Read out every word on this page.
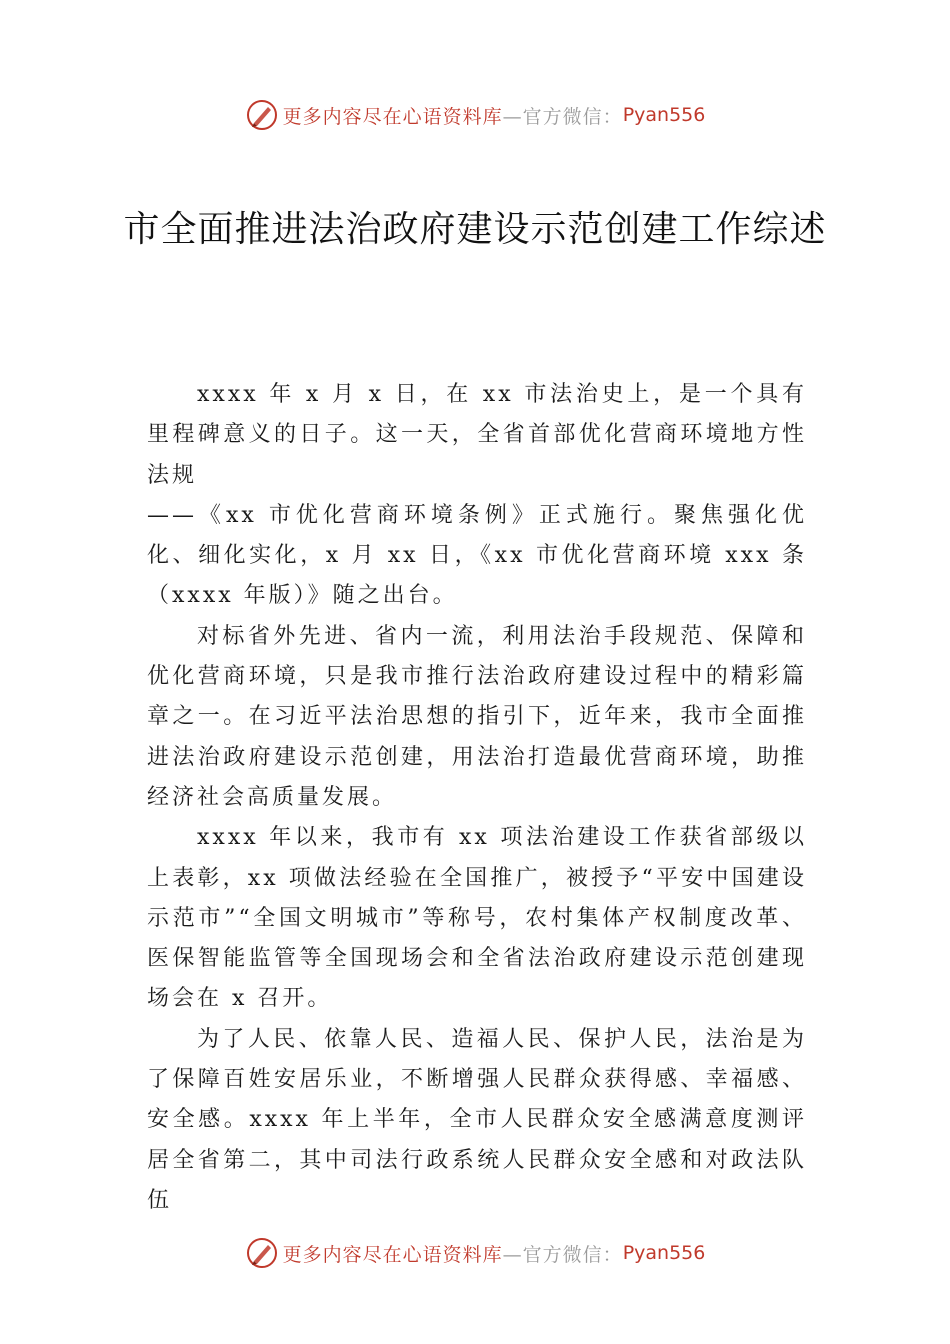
更多内容尽在心语资料库 —官方微信： Pyan556
市全面推进法治政府建设示范创建工作综述

xxxx 年 x 月 x 日，在 xx 市法治史上，是一个具有里程碑意义的日子。这一天，全省首部优化营商环境地方性法规

——《xx 市优化营商环境条例》正式施行。聚焦强化优化、细化实化，x 月 xx 日，《xx 市优化营商环境 xxx 条（xxxx 年版）》随之出台。

对标省外先进、省内一流，利用法治手段规范、保障和优化营商环境，只是我市推行法治政府建设过程中的精彩篇章之一。在习近平法治思想的指引下，近年来，我市全面推进法治政府建设示范创建，用法治打造最优营商环境，助推经济社会高质量发展。

xxxx 年以来，我市有 xx 项法治建设工作获省部级以上表彰，xx 项做法经验在全国推广，被授予“平安中国建设示范市”“全国文明城市”等称号，农村集体产权制度改革、医保智能监管等全国现场会和全省法治政府建设示范创建现场会在 x 召开。

为了人民、依靠人民、造福人民、保护人民，法治是为了保障百姓安居乐业，不断增强人民群众获得感、幸福感、 安全感。xxxx 年上半年，全市人民群众安全感满意度测评居全省第二，其中司法行政系统人民群众安全感和对政法队伍

更多内容尽在心语资料库 —官方微信： Pyan556
